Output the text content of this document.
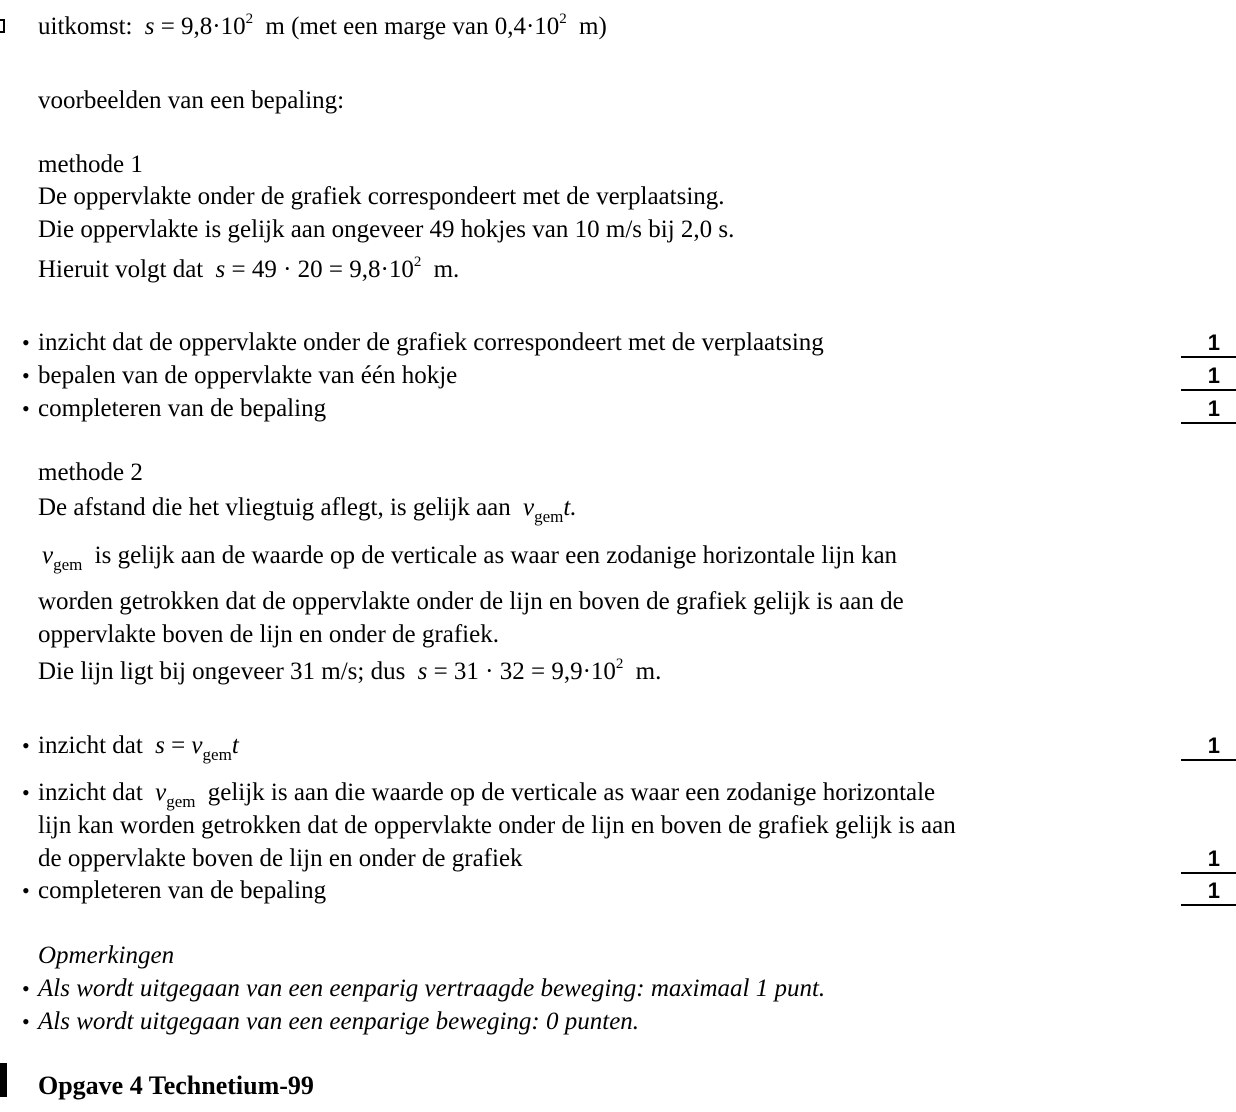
uitkomst: $s = 9,8\cdot 10^2$ m (met een marge van $0,4\cdot 10^2$ m)
voorbeelden van een bepaling:
methode 1
De oppervlakte onder de grafiek correspondeert met de verplaatsing.
Die oppervlakte is gelijk aan ongeveer 49 hokjes van 10 m/s bij 2,0 s.
Hieruit volgt dat $s = 49 \cdot 20 = 9,8\cdot 10^2$ m.
• inzicht dat de oppervlakte onder de grafiek correspondeert met de verplaatsing	1
• bepalen van de oppervlakte van één hokje	1
• completeren van de bepaling	1
methode 2
De afstand die het vliegtuig aflegt, is gelijk aan $v_{gem}t$.
$v_{gem}$ is gelijk aan de waarde op de verticale as waar een zodanige horizontale lijn kan
worden getrokken dat de oppervlakte onder de lijn en boven de grafiek gelijk is aan de
oppervlakte boven de lijn en onder de grafiek.
Die lijn ligt bij ongeveer 31 m/s; dus $s = 31 \cdot 32 = 9,9\cdot 10^2$ m.
• inzicht dat $s = v_{gem}t$	1
• inzicht dat $v_{gem}$ gelijk is aan die waarde op de verticale as waar een zodanige horizontale
lijn kan worden getrokken dat de oppervlakte onder de lijn en boven de grafiek gelijk is aan
de oppervlakte boven de lijn en onder de grafiek	1
• completeren van de bepaling	1
Opmerkingen
• Als wordt uitgegaan van een eenparig vertraagde beweging: maximaal 1 punt.
• Als wordt uitgegaan van een eenparige beweging: 0 punten.
Opgave 4 Technetium-99
